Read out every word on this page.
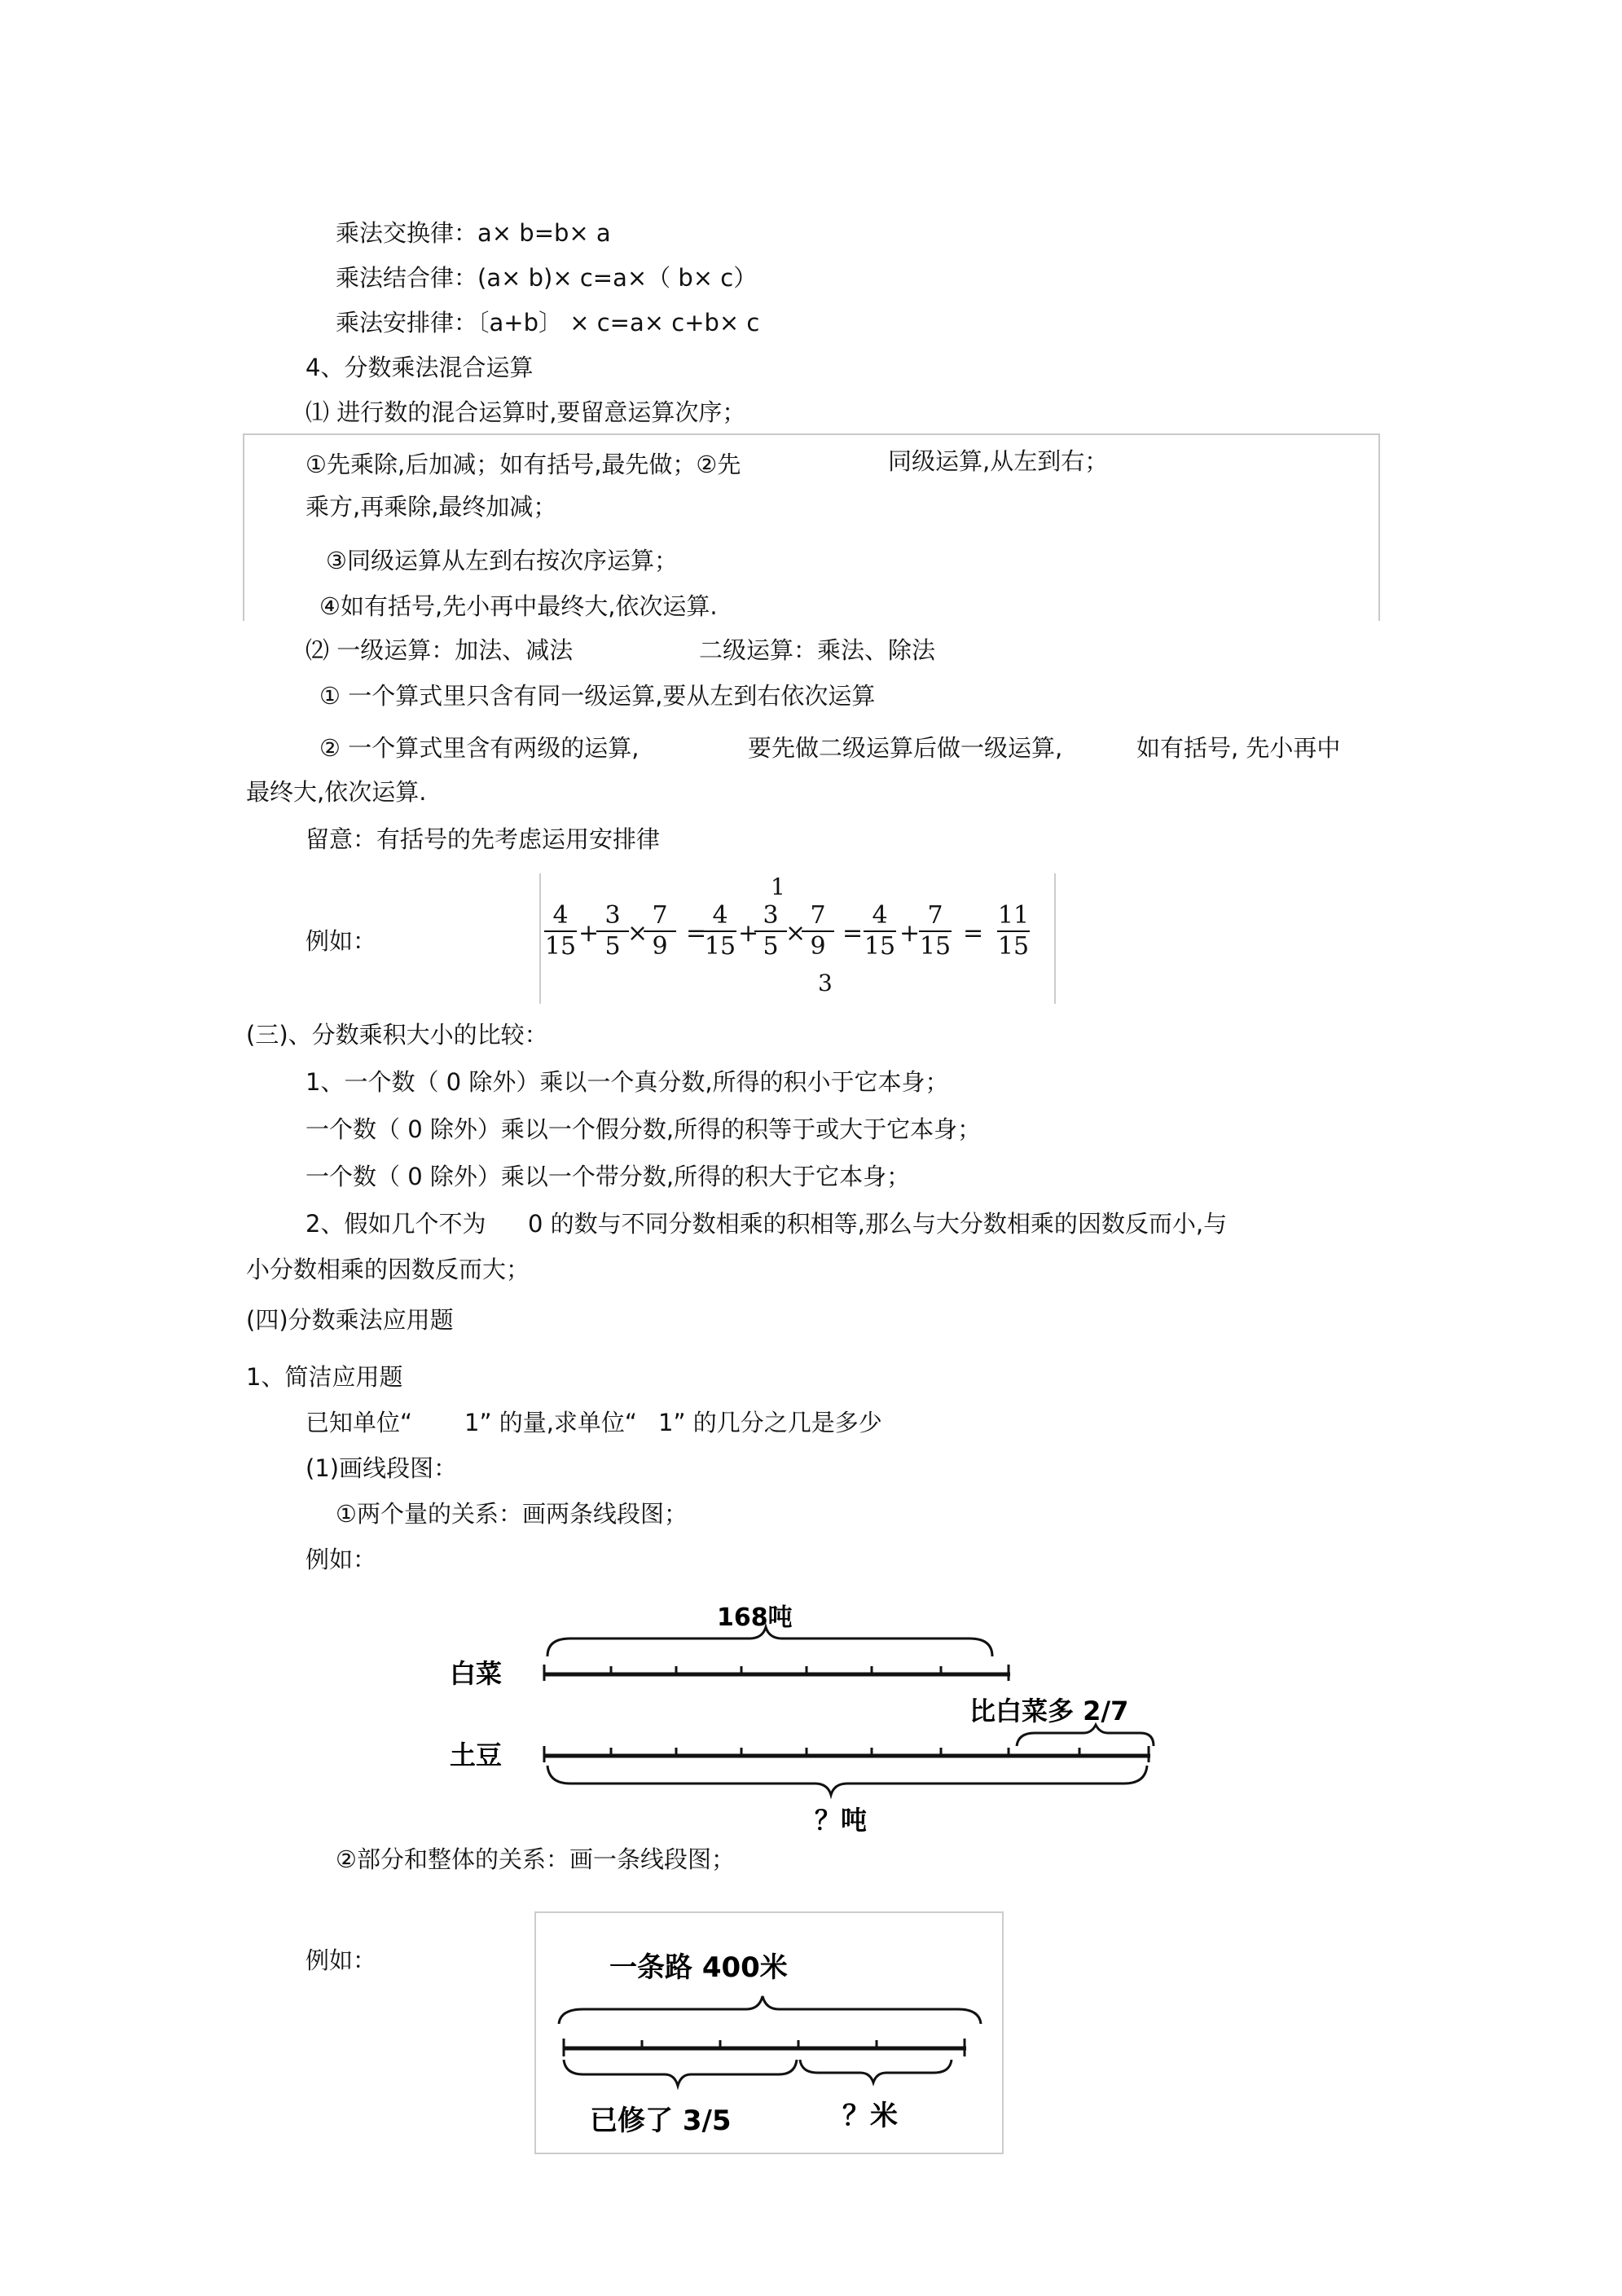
乘法交换律：a× b=b× a
乘法结合律：(a× b)× c=a×（ b× c）
乘法安排律：〔a+b〕 × c=a× c+b× c
4、分数乘法混合运算
⑴ 进行数的混合运算时,要留意运算次序；
①先乘除,后加减；如有括号,最先做；②先	同级运算,从左到右；
乘方,再乘除,最终加减；
③同级运算从左到右按次序运算；
④如有括号,先小再中最终大,依次运算.
⑵ 一级运算：加法、减法	二级运算：乘法、除法
① 一个算式里只含有同一级运算,要从左到右依次运算
② 一个算式里含有两级的运算,	要先做二级运算后做一级运算,	如有括号, 先小再中
最终大,依次运算.
留意：有括号的先考虑运用安排律
例如：
4
15 +
3
5 ×
7
9 =
4
15 +
3
5 ×
7
9
1
3
=
4
15 +
7
15 =
11
15
(三)、分数乘积大小的比较：
1、一个数（ 0 除外）乘以一个真分数,所得的积小于它本身；
一个数（ 0 除外）乘以一个假分数,所得的积等于或大于它本身；
一个数（ 0 除外）乘以一个带分数,所得的积大于它本身；
2、假如几个不为 0 的数与不同分数相乘的积相等,那么与大分数相乘的因数反而小,与
小分数相乘的因数反而大；
(四)分数乘法应用题
1、简洁应用题
已知单位“ 1” 的量,求单位“ 1” 的几分之几是多少
(1)画线段图：
①两个量的关系：画两条线段图；
例如：
168吨
白菜
比白菜多 2/7
土豆
？吨
②部分和整体的关系：画一条线段图；
例如：	一条路 400米
已修了 3/5	？米
